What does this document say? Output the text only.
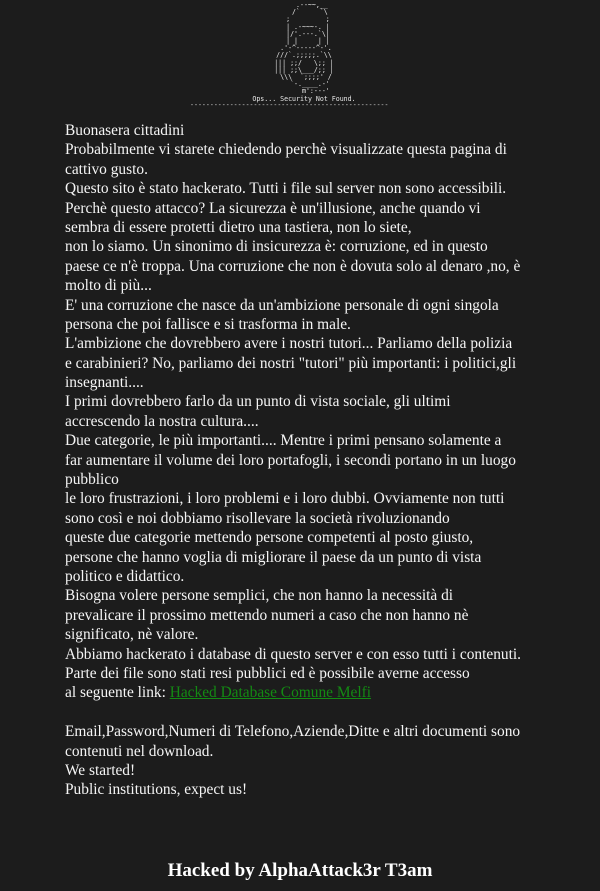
.--~~,__
/`     `\
;         ;
| .-~~~-. |
|/'.---.`\|
| |     | |
.'-^-----^-'.
///`.;;;;;.`\\
||| ;;/   \;; |
||| ;;\___/;; |
\\\  `;;;;' /
`-.____.-'
m':---'
Ops... Security Not Found.
--------------------------------------------------
Buonasera cittadini
Probabilmente vi starete chiedendo perchè visualizzate questa pagina di
cattivo gusto.
Questo sito è stato hackerato. Tutti i file sul server non sono accessibili.
Perchè questo attacco? La sicurezza è un'illusione, anche quando vi
sembra di essere protetti dietro una tastiera, non lo siete,
non lo siamo. Un sinonimo di insicurezza è: corruzione, ed in questo
paese ce n'è troppa. Una corruzione che non è dovuta solo al denaro ,no, è
molto di più...
E' una corruzione che nasce da un'ambizione personale di ogni singola
persona che poi fallisce e si trasforma in male.
L'ambizione che dovrebbero avere i nostri tutori... Parliamo della polizia
e carabinieri? No, parliamo dei nostri "tutori" più importanti: i politici,gli
insegnanti....
I primi dovrebbero farlo da un punto di vista sociale, gli ultimi
accrescendo la nostra cultura....
Due categorie, le più importanti.... Mentre i primi pensano solamente a
far aumentare il volume dei loro portafogli, i secondi portano in un luogo
pubblico
le loro frustrazioni, i loro problemi e i loro dubbi. Ovviamente non tutti
sono così e noi dobbiamo risollevare la società rivoluzionando
queste due categorie mettendo persone competenti al posto giusto,
persone che hanno voglia di migliorare il paese da un punto di vista
politico e didattico.
Bisogna volere persone semplici, che non hanno la necessità di
prevalicare il prossimo mettendo numeri a caso che non hanno nè
significato, nè valore.
Abbiamo hackerato i database di questo server e con esso tutti i contenuti.
Parte dei file sono stati resi pubblici ed è possibile averne accesso
al seguente link: Hacked Database Comune Melfi
Email,Password,Numeri di Telefono,Aziende,Ditte e altri documenti sono
contenuti nel download.
We started!
Public institutions, expect us!
Hacked by AlphaAttack3r T3am
